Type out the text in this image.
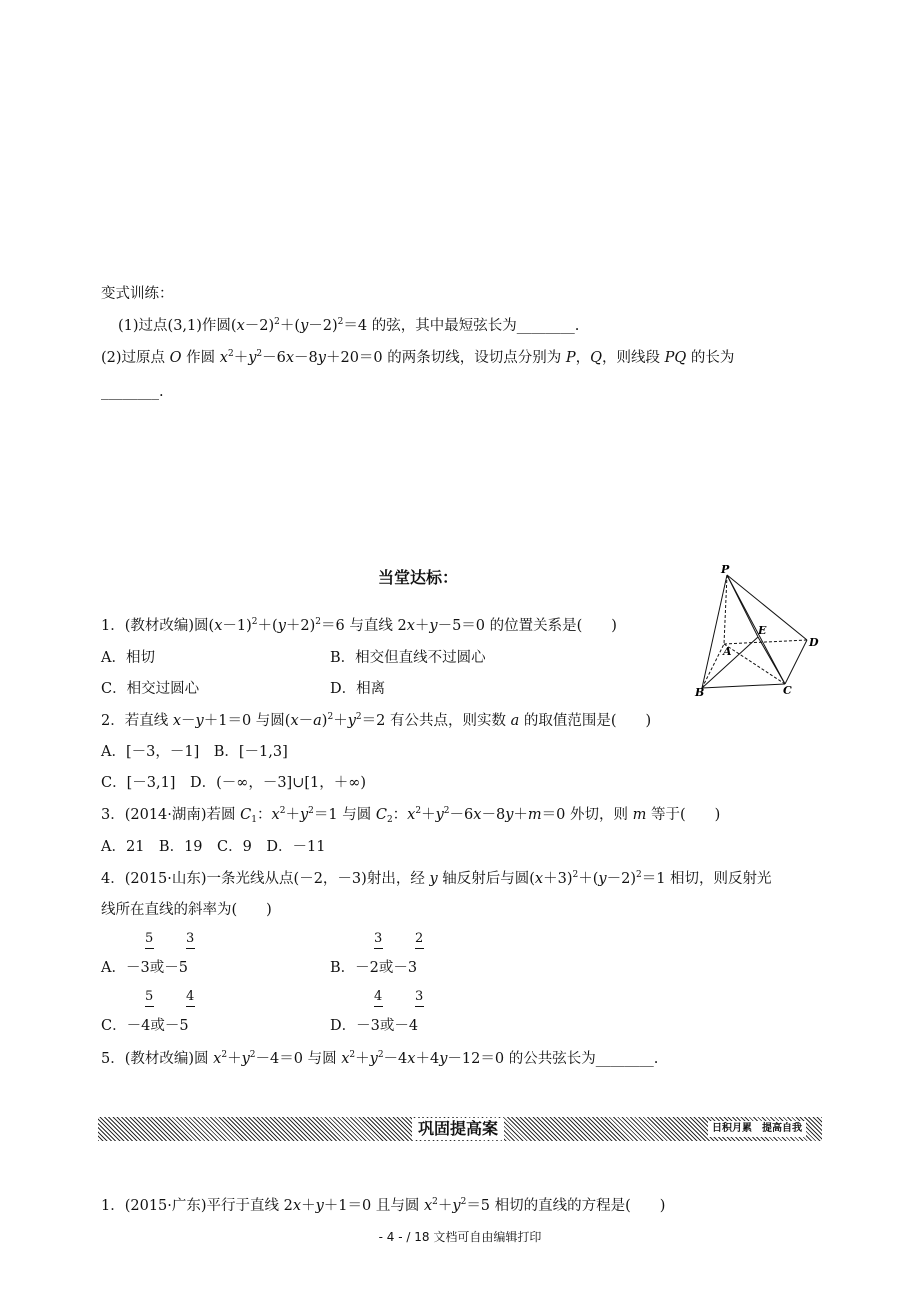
变式训练：
(1)过点(3,1)作圆$(x-2)^2+(y-2)^2=4$ 的弦，其中最短弦长为________.
(2)过原点 O 作圆 $x^2+y^2-6x-8y+20=0$ 的两条切线，设切点分别为 P，Q，则线段 PQ 的长为
________.
当堂达标：	P
E
D
A
B	C
1．(教材改编)圆$(x-1)^2+(y+2)^2=6$ 与直线 2x＋y－5＝0 的位置关系是(　　)
A．相切	B．相交但直线不过圆心
C．相交过圆心	D．相离
2．若直线 x－y＋1＝0 与圆$(x-a)^2+y^2=2$ 有公共点，则实数 a 的取值范围是(　　)
A．[－3，－1]　B．[－1,3]
C．[－3,1]　D．(－∞，－3]∪[1，＋∞)
3．(2014·湖南)若圆 $C_1$：$x^2+y^2=1$ 与圆 $C_2$：$x^2+y^2-6x-8y+m=0$ 外切，则 m 等于(　　)
A．21　B．19　C．9　D．－11
4．(2015·山东)一条光线从点(－2，－3)射出，经 y 轴反射后与圆$(x+3)^2+(y-2)^2=1$ 相切，则反射光
线所在直线的斜率为(　　)
5	3
A．－3或－5
3	2
B．－2或－3
5	4
C．－4或－5
4	3
D．－3或－4
5．(教材改编)圆 $x^2+y^2-4=0$ 与圆 $x^2+y^2-4x+4y-12=0$ 的公共弦长为________.
巩固提高案	日积月累　提高自我
1．(2015·广东)平行于直线 2x＋y＋1＝0 且与圆 $x^2+y^2=5$ 相切的直线的方程是(　　)
- 4 - / 18 文档可自由编辑打印
